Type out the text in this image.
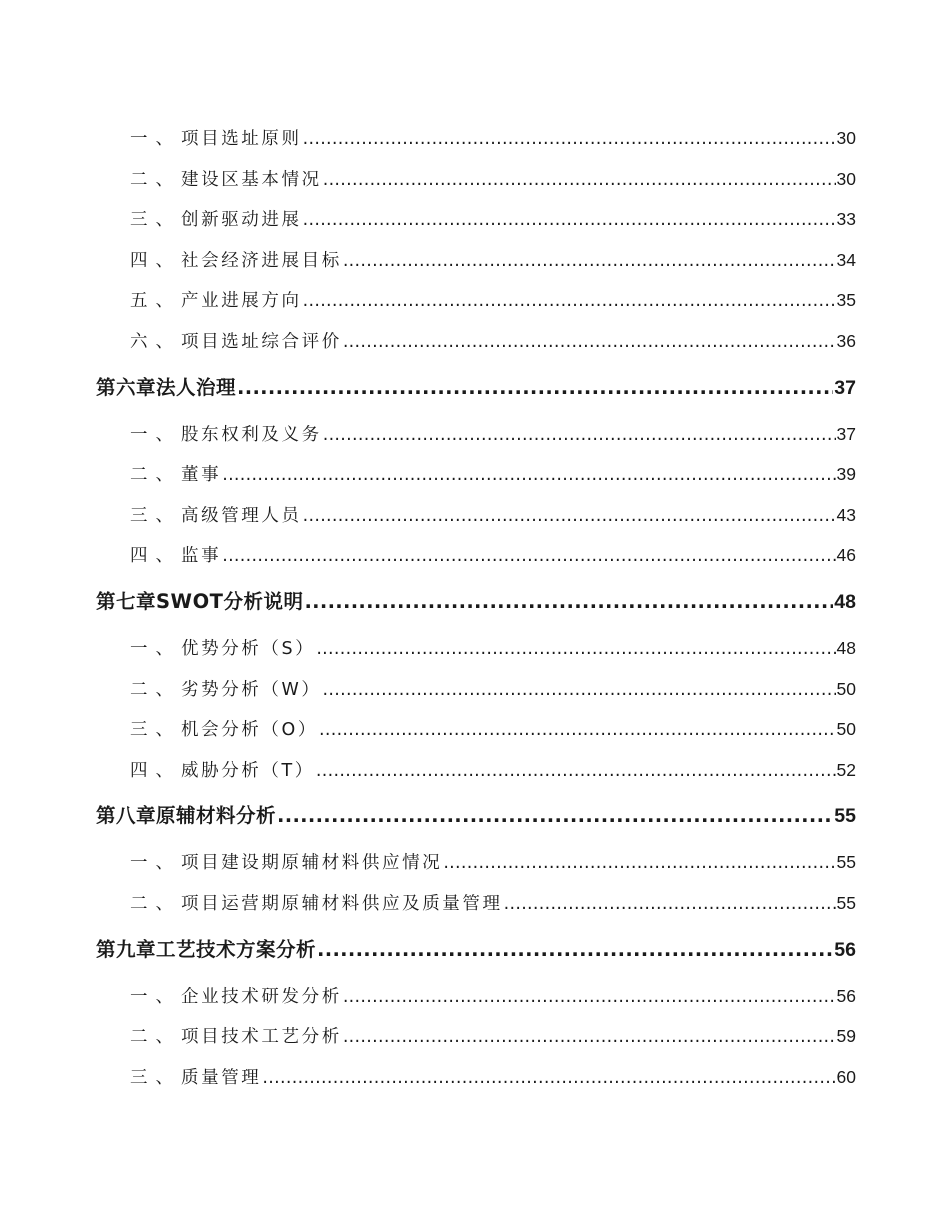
一、 项目选址原则 .....	30
二、 建设区基本情况 .....	30
三、 创新驱动进展 .....	33
四、 社会经济进展目标 .....	34
五、 产业进展方向 .....	35
六、 项目选址综合评价 .....	36
第六章 法人治理 .....	37
一、 股东权利及义务 .....	37
二、 董事 .....	39
三、 高级管理人员 .....	43
四、 监事 .....	46
第七章 SWOT分析说明 .....	48
一、 优势分析（S） .....	48
二、 劣势分析（W） .....	50
三、 机会分析（O） .....	50
四、 威胁分析（T） .....	52
第八章 原辅材料分析 .....	55
一、 项目建设期原辅材料供应情况 .....	55
二、 项目运营期原辅材料供应及质量管理 .....	55
第九章 工艺技术方案分析 .....	56
一、 企业技术研发分析 .....	56
二、 项目技术工艺分析 .....	59
三、 质量管理 .....	60
